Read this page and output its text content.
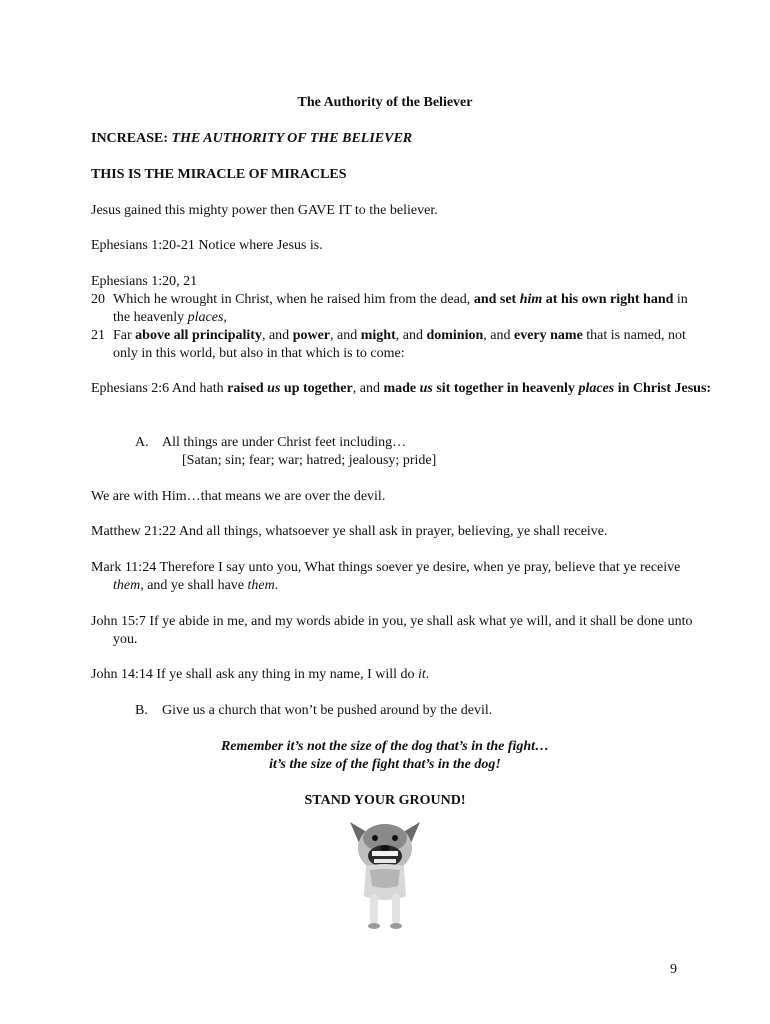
The Authority of the Believer

INCREASE: THE AUTHORITY OF THE BELIEVER

THIS IS THE MIRACLE OF MIRACLES

Jesus gained this mighty power then GAVE IT to the believer.

Ephesians 1:20-21 Notice where Jesus is.

Ephesians 1:20, 21
20 Which he wrought in Christ, when he raised him from the dead, and set him at his own right hand in the heavenly places,
21 Far above all principality, and power, and might, and dominion, and every name that is named, not only in this world, but also in that which is to come:

Ephesians 2:6 And hath raised us up together, and made us sit together in heavenly places in Christ Jesus:

A. All things are under Christ feet including…
[Satan; sin; fear; war; hatred; jealousy; pride]

We are with Him…that means we are over the devil.

Matthew 21:22 And all things, whatsoever ye shall ask in prayer, believing, ye shall receive.

Mark 11:24 Therefore I say unto you, What things soever ye desire, when ye pray, believe that ye receive them, and ye shall have them.

John 15:7 If ye abide in me, and my words abide in you, ye shall ask what ye will, and it shall be done unto you.

John 14:14 If ye shall ask any thing in my name, I will do it.

B. Give us a church that won’t be pushed around by the devil.

Remember it’s not the size of the dog that’s in the fight…

it’s the size of the fight that’s in the dog!

STAND YOUR GROUND!

9
